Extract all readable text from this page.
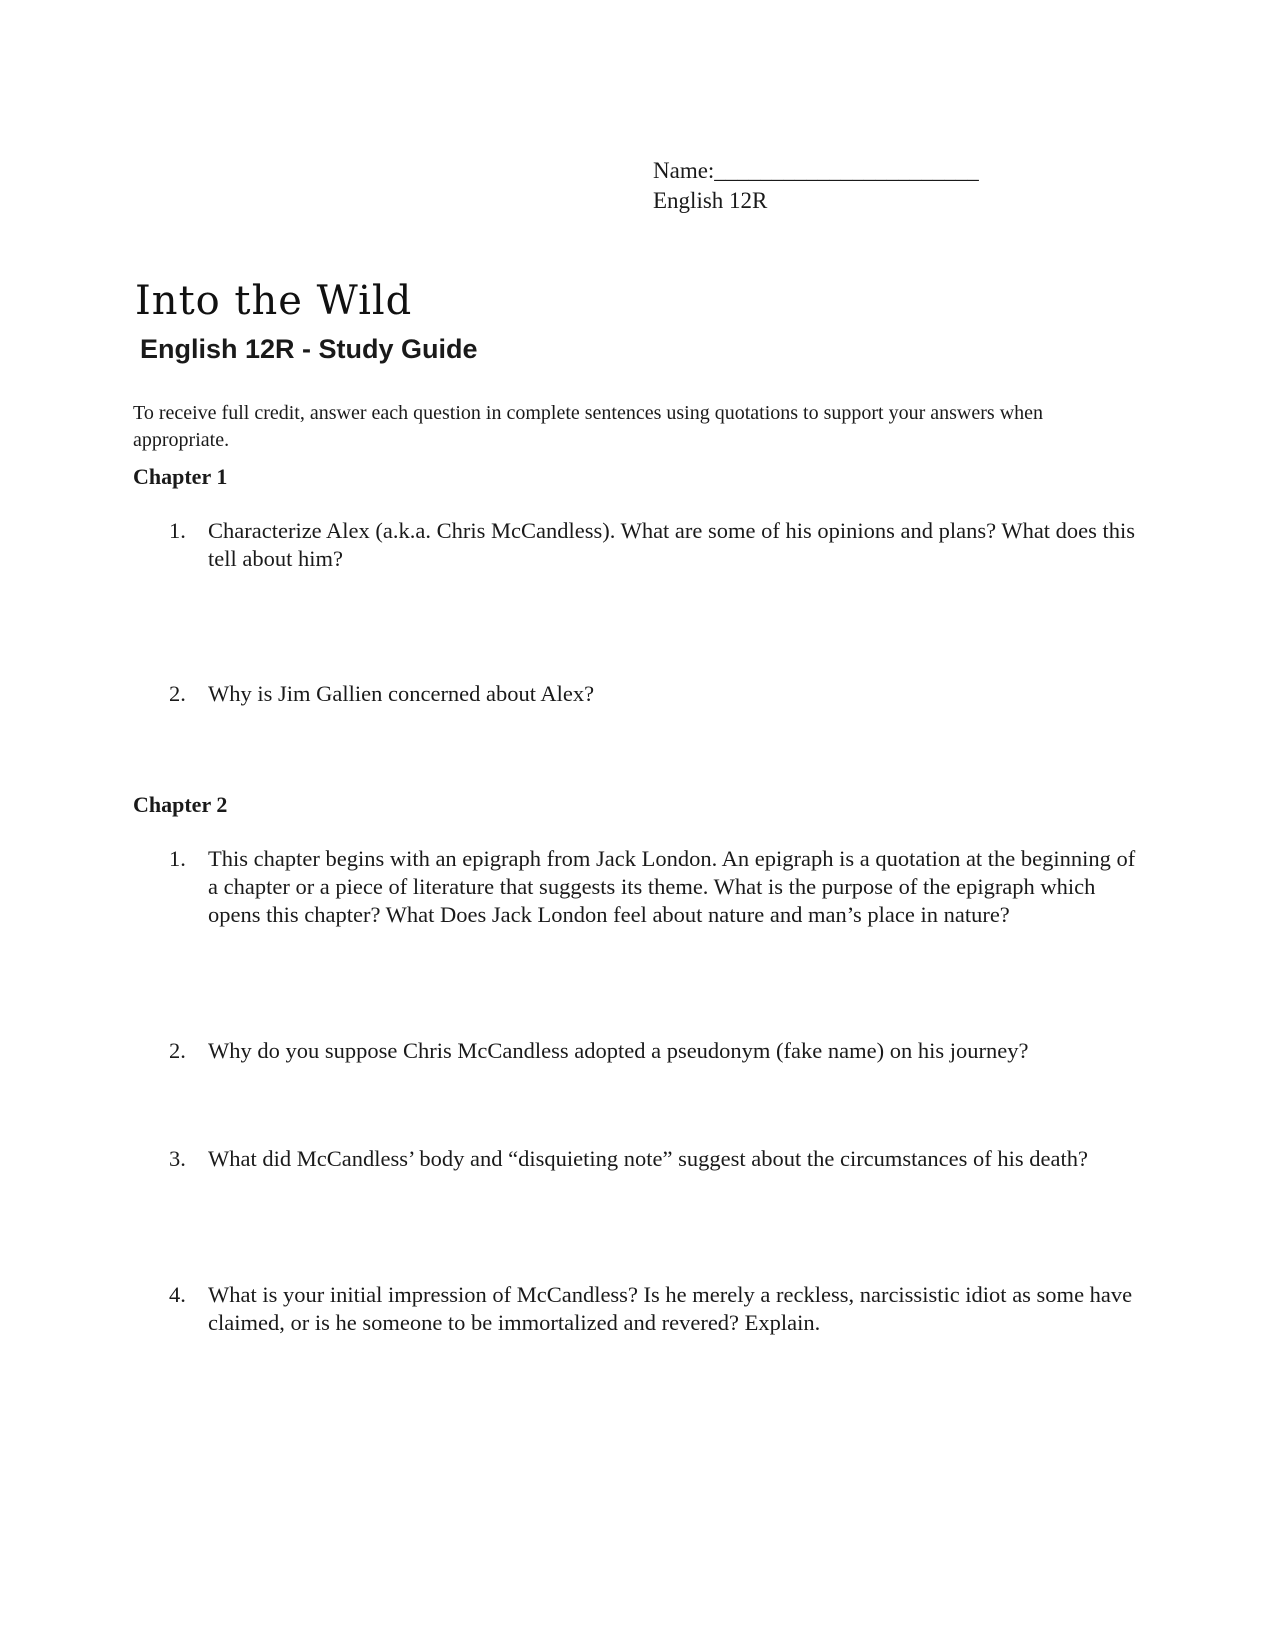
Name:_______________________
English 12R
Into the Wild
English 12R - Study Guide
To receive full credit, answer each question in complete sentences using quotations to support your answers when appropriate.
Chapter 1
1. Characterize Alex (a.k.a. Chris McCandless). What are some of his opinions and plans? What does this tell about him?
2. Why is Jim Gallien concerned about Alex?
Chapter 2
1. This chapter begins with an epigraph from Jack London. An epigraph is a quotation at the beginning of a chapter or a piece of literature that suggests its theme. What is the purpose of the epigraph which opens this chapter? What Does Jack London feel about nature and man’s place in nature?
2. Why do you suppose Chris McCandless adopted a pseudonym (fake name) on his journey?
3. What did McCandless’ body and “disquieting note” suggest about the circumstances of his death?
4. What is your initial impression of McCandless? Is he merely a reckless, narcissistic idiot as some have claimed, or is he someone to be immortalized and revered? Explain.
